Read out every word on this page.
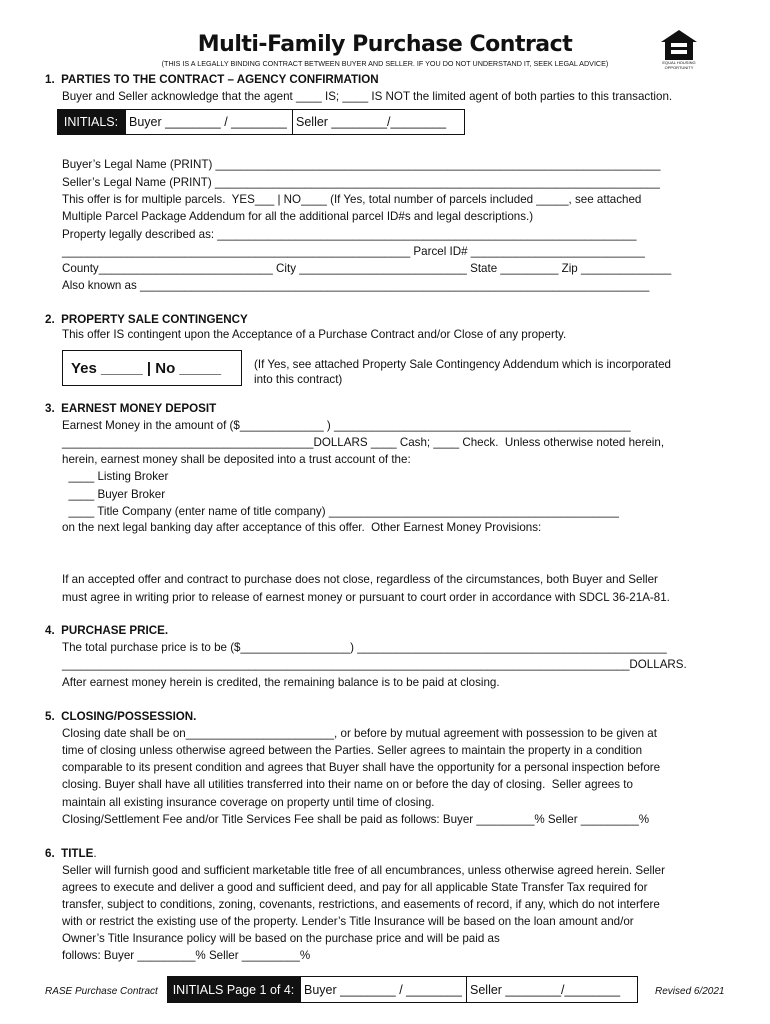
Multi-Family Purchase Contract
(THIS IS A LEGALLY BINDING CONTRACT BETWEEN BUYER AND SELLER. IF YOU DO NOT UNDERSTAND IT, SEEK LEGAL ADVICE)	EQUAL HOUSING OPPORTUNITY
1.  PARTIES TO THE CONTRACT – AGENCY CONFIRMATION
Buyer and Seller acknowledge that the agent ____ IS; ____ IS NOT the limited agent of both parties to this transaction.
INITIALS: Buyer ________ / ________ Seller ________/________
Buyer’s Legal Name (PRINT) _____________________________________________________________________
Seller’s Legal Name (PRINT) _____________________________________________________________________
This offer is for multiple parcels.  YES___ | NO____ (If Yes, total number of parcels included _____, see attached
Multiple Parcel Package Addendum for all the additional parcel ID#s and legal descriptions.)
Property legally described as: _________________________________________________________________
______________________________________________________ Parcel ID# ___________________________
County___________________________ City __________________________ State _________ Zip ______________
Also known as _______________________________________________________________________________
2.  PROPERTY SALE CONTINGENCY
This offer IS contingent upon the Acceptance of a Purchase Contract and/or Close of any property.
Yes _____ | No _____	(If Yes, see attached Property Sale Contingency Addendum which is incorporated
into this contract)
3.  EARNEST MONEY DEPOSIT
Earnest Money in the amount of ($_____________ ) ______________________________________________
_______________________________________DOLLARS ____ Cash; ____ Check.  Unless otherwise noted herein,
herein, earnest money shall be deposited into a trust account of the:
____ Listing Broker
____ Buyer Broker
____ Title Company (enter name of title company) _____________________________________________
on the next legal banking day after acceptance of this offer.  Other Earnest Money Provisions:
If an accepted offer and contract to purchase does not close, regardless of the circumstances, both Buyer and Seller
must agree in writing prior to release of earnest money or pursuant to court order in accordance with SDCL 36-21A-81.
4.  PURCHASE PRICE.
The total purchase price is to be ($_________________) ________________________________________________
________________________________________________________________________________________DOLLARS.
After earnest money herein is credited, the remaining balance is to be paid at closing.
5.  CLOSING/POSSESSION.
Closing date shall be on_______________________, or before by mutual agreement with possession to be given at
time of closing unless otherwise agreed between the Parties. Seller agrees to maintain the property in a condition
comparable to its present condition and agrees that Buyer shall have the opportunity for a personal inspection before
closing. Buyer shall have all utilities transferred into their name on or before the day of closing.  Seller agrees to
maintain all existing insurance coverage on property until time of closing.
Closing/Settlement Fee and/or Title Services Fee shall be paid as follows: Buyer _________% Seller _________%
6.  TITLE.
Seller will furnish good and sufficient marketable title free of all encumbrances, unless otherwise agreed herein. Seller
agrees to execute and deliver a good and sufficient deed, and pay for all applicable State Transfer Tax required for
transfer, subject to conditions, zoning, covenants, restrictions, and easements of record, if any, which do not interfere
with or restrict the existing use of the property. Lender’s Title Insurance will be based on the loan amount and/or
Owner’s Title Insurance policy will be based on the purchase price and will be paid as
follows: Buyer _________% Seller _________%
RASE Purchase Contract	INITIALS Page 1 of 4: Buyer ________ / ________ Seller ________/________	Revised 6/2021
